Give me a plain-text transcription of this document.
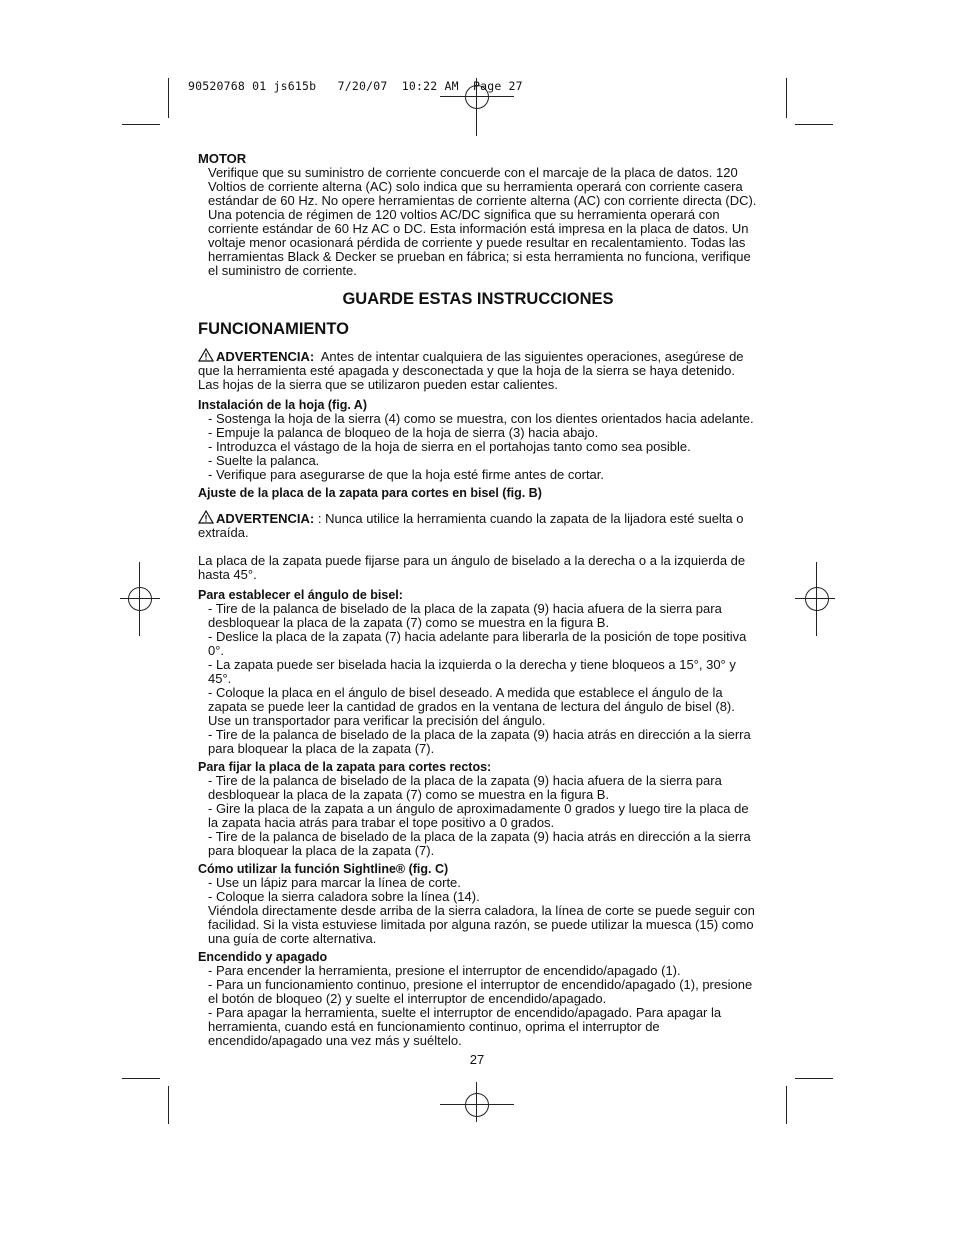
90520768 01 js615b   7/20/07  10:22 AM  Page 27

MOTOR

Verifique que su suministro de corriente concuerde con el marcaje de la placa de datos. 120 Voltios de corriente alterna (AC) solo indica que su herramienta operará con corriente casera estándar de 60 Hz. No opere herramientas de corriente alterna (AC) con corriente directa (DC). Una potencia de régimen de 120 voltios AC/DC significa que su herramienta operará con corriente estándar de 60 Hz AC o DC. Esta información está impresa en la placa de datos. Un voltaje menor ocasionará pérdida de corriente y puede resultar en recalentamiento. Todas las herramientas Black & Decker se prueban en fábrica; si esta herramienta no funciona, verifique el suministro de corriente.

GUARDE ESTAS INSTRUCCIONES
FUNCIONAMIENTO

ADVERTENCIA: Antes de intentar cualquiera de las siguientes operaciones, asegúrese de que la herramienta esté apagada y desconectada y que la hoja de la sierra se haya detenido. Las hojas de la sierra que se utilizaron pueden estar calientes.

Instalación de la hoja (fig. A)

- Sostenga la hoja de la sierra (4) como se muestra, con los dientes orientados hacia adelante.

- Empuje la palanca de bloqueo de la hoja de sierra (3) hacia abajo.

- Introduzca el vástago de la hoja de sierra en el portahojas tanto como sea posible.

- Suelte la palanca.

- Verifique para asegurarse de que la hoja esté firme antes de cortar.

Ajuste de la placa de la zapata para cortes en bisel (fig. B)

ADVERTENCIA: : Nunca utilice la herramienta cuando la zapata de la lijadora esté suelta o extraída.

La placa de la zapata puede fijarse para un ángulo de biselado a la derecha o a la izquierda de hasta 45°.

Para establecer el ángulo de bisel:

- Tire de la palanca de biselado de la placa de la zapata (9) hacia afuera de la sierra para desbloquear la placa de la zapata (7) como se muestra en la figura B.

- Deslice la placa de la zapata (7) hacia adelante para liberarla de la posición de tope positiva 0°.

- La zapata puede ser biselada hacia la izquierda o la derecha y tiene bloqueos a 15°, 30° y 45°.

- Coloque la placa en el ángulo de bisel deseado. A medida que establece el ángulo de la zapata se puede leer la cantidad de grados en la ventana de lectura del ángulo de bisel (8). Use un transportador para verificar la precisión del ángulo.

- Tire de la palanca de biselado de la placa de la zapata (9) hacia atrás en dirección a la sierra para bloquear la placa de la zapata (7).

Para fijar la placa de la zapata para cortes rectos:

- Tire de la palanca de biselado de la placa de la zapata (9) hacia afuera de la sierra para desbloquear la placa de la zapata (7) como se muestra en la figura B.

- Gire la placa de la zapata a un ángulo de aproximadamente 0 grados y luego tire la placa de la zapata hacia atrás para trabar el tope positivo a 0 grados.

- Tire de la palanca de biselado de la placa de la zapata (9) hacia atrás en dirección a la sierra para bloquear la placa de la zapata (7).

Cómo utilizar la función Sightline® (fig. C)

- Use un lápiz para marcar la línea de corte.

- Coloque la sierra caladora sobre la línea (14).

Viéndola directamente desde arriba de la sierra caladora, la línea de corte se puede seguir con facilidad. Si la vista estuviese limitada por alguna razón, se puede utilizar la muesca (15) como una guía de corte alternativa.

Encendido y apagado

- Para encender la herramienta, presione el interruptor de encendido/apagado (1).

- Para un funcionamiento continuo, presione el interruptor de encendido/apagado (1), presione el botón de bloqueo (2) y suelte el interruptor de encendido/apagado.

- Para apagar la herramienta, suelte el interruptor de encendido/apagado. Para apagar la herramienta, cuando está en funcionamiento continuo, oprima el interruptor de encendido/apagado una vez más y suéltelo.

27
